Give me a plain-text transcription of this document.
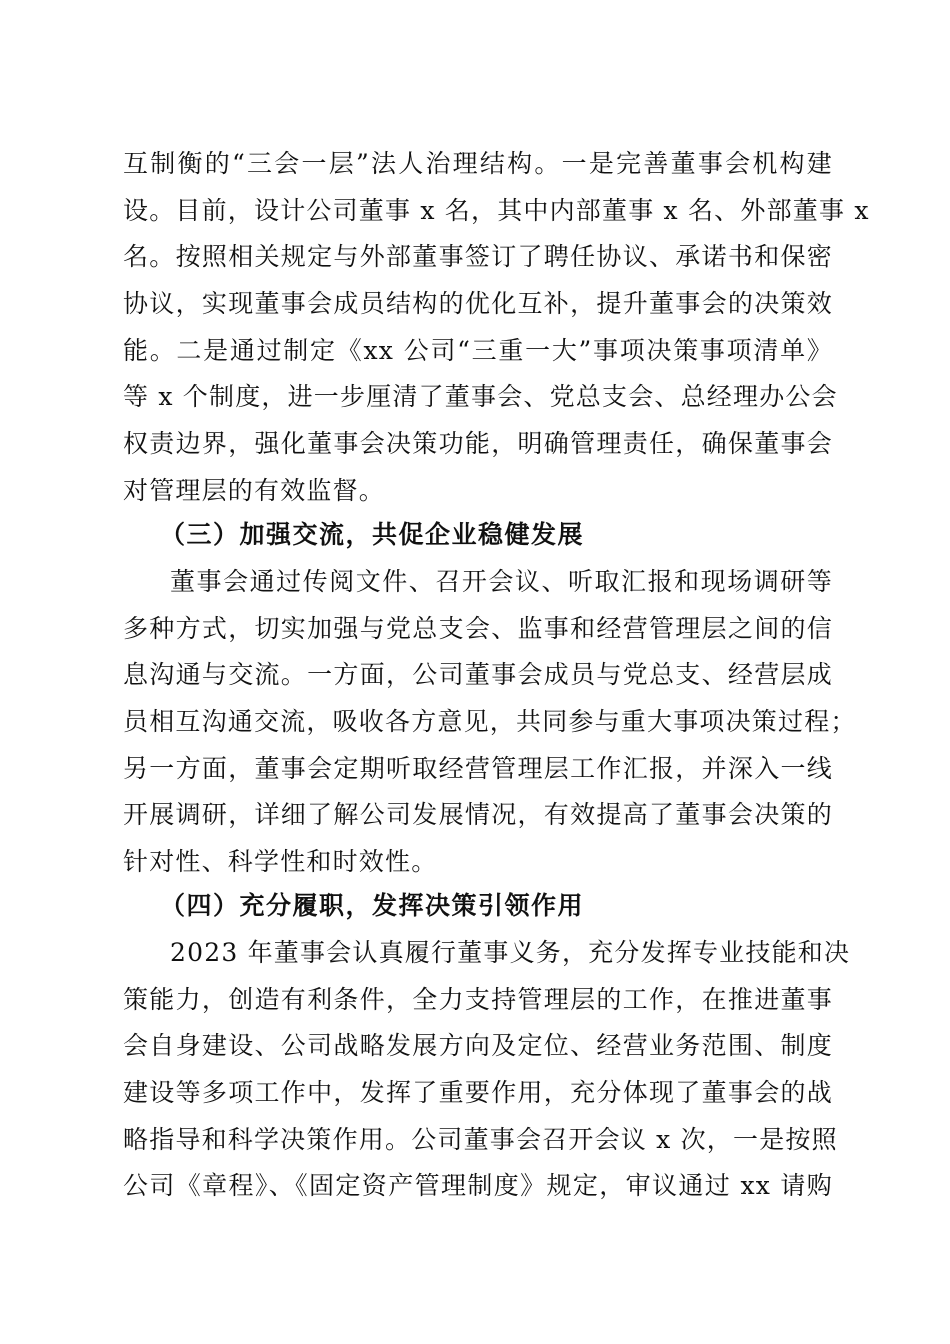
互制衡的“三会一层”法人治理结构。一是完善董事会机构建
设。目前，设计公司董事 x 名，其中内部董事 x 名、外部董事 x
名。按照相关规定与外部董事签订了聘任协议、承诺书和保密
协议，实现董事会成员结构的优化互补，提升董事会的决策效
能。二是通过制定《xx 公司“三重一大”事项决策事项清单》
等 x 个制度，进一步厘清了董事会、党总支会、总经理办公会
权责边界，强化董事会决策功能，明确管理责任，确保董事会
对管理层的有效监督。
（三）加强交流，共促企业稳健发展
董事会通过传阅文件、召开会议、听取汇报和现场调研等
多种方式，切实加强与党总支会、监事和经营管理层之间的信
息沟通与交流。一方面，公司董事会成员与党总支、经营层成
员相互沟通交流，吸收各方意见，共同参与重大事项决策过程；
另一方面，董事会定期听取经营管理层工作汇报，并深入一线
开展调研，详细了解公司发展情况，有效提高了董事会决策的
针对性、科学性和时效性。
（四）充分履职，发挥决策引领作用
2023 年董事会认真履行董事义务，充分发挥专业技能和决
策能力，创造有利条件，全力支持管理层的工作，在推进董事
会自身建设、公司战略发展方向及定位、经营业务范围、制度
建设等多项工作中，发挥了重要作用，充分体现了董事会的战
略指导和科学决策作用。公司董事会召开会议 x 次，一是按照
公司《章程》、《固定资产管理制度》规定，审议通过 xx 请购
